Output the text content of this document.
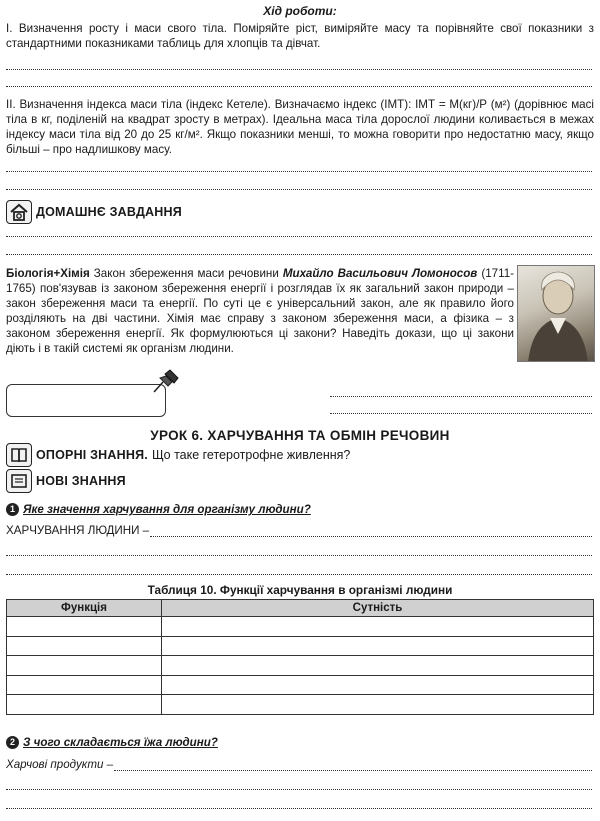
Хід роботи:
І. Визначення росту і маси свого тіла. Поміряйте ріст, виміряйте масу та порівняйте свої показники з стандартними показниками таблиць для хлопців та дівчат.
ІІ. Визначення індекса маси тіла (індекс Кетеле). Визначаємо індекс (ІМТ): ІМТ = М(кг)/Р (м²) (дорівнює масі тіла в кг, поділеній на квадрат зросту в метрах). Ідеальна маса тіла дорослої людини коливається в межах індексу маси тіла від 20 до 25 кг/м². Якщо показники менші, то можна говорити про недостатню масу, якщо більші – про надлишкову масу.
ДОМАШНЄ ЗАВДАННЯ
Біологія+Хімія Закон збереження маси речовини Михайло Васильович Ломоносов (1711-1765) пов'язував із законом збереження енергії і розглядав їх як загальний закон природи – закон збереження маси та енергії. По суті це є універсальний закон, але як правило його розділяють на дві частини. Хімія має справу з законом збереження маси, а фізика – з законом збереження енергії. Як формулюються ці закони? Наведіть докази, що ці закони діють і в такій системі як організм людини.
УРОК 6. ХАРЧУВАННЯ ТА ОБМІН РЕЧОВИН
ОПОРНІ ЗНАННЯ. Що таке гетеротрофне живлення?
НОВІ ЗНАННЯ
1 Яке значення харчування для організму людини?
ХАРЧУВАННЯ ЛЮДИНИ –
Таблиця 10. Функції харчування в організмі людини
Функція	Сутність

2 З чого складається їжа людини?
Харчові продукти –
